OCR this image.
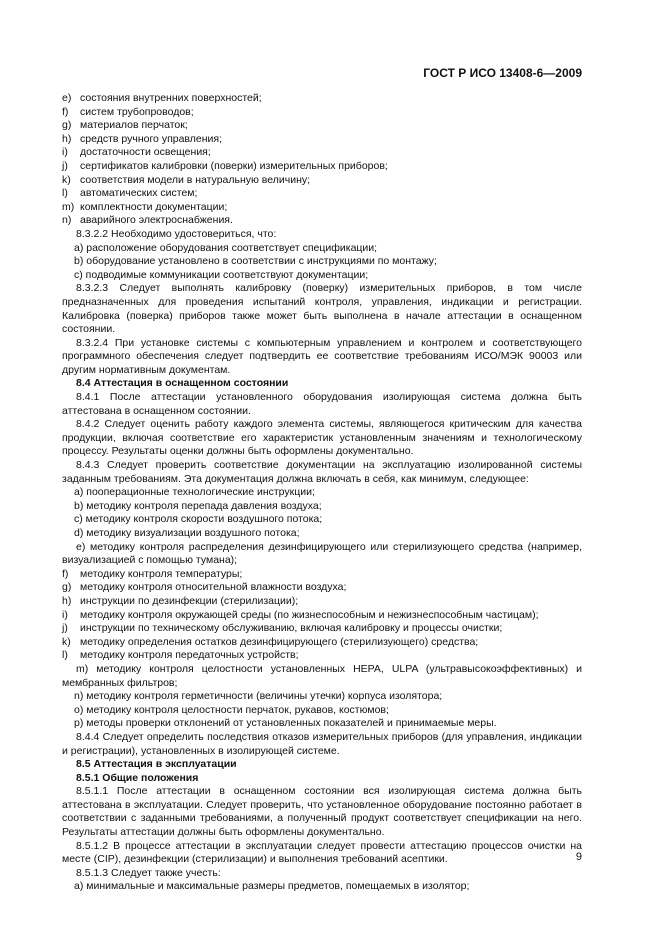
ГОСТ Р ИСО 13408-6—2009
e) состояния внутренних поверхностей;
f) систем трубопроводов;
g) материалов перчаток;
h) средств ручного управления;
i) достаточности освещения;
j) сертификатов калибровки (поверки) измерительных приборов;
k) соответствия модели в натуральную величину;
l) автоматических систем;
m) комплектности документации;
n) аварийного электроснабжения.
8.3.2.2 Необходимо удостовериться, что:
a) расположение оборудования соответствует спецификации;
b) оборудование установлено в соответствии с инструкциями по монтажу;
c) подводимые коммуникации соответствуют документации;
8.3.2.3 Следует выполнять калибровку (поверку) измерительных приборов, в том числе предназначенных для проведения испытаний контроля, управления, индикации и регистрации. Калибровка (поверка) приборов также может быть выполнена в начале аттестации в оснащенном состоянии.
8.3.2.4 При установке системы с компьютерным управлением и контролем и соответствующего программного обеспечения следует подтвердить ее соответствие требованиям ИСО/МЭК 90003 или другим нормативным документам.
8.4 Аттестация в оснащенном состоянии
8.4.1 После аттестации установленного оборудования изолирующая система должна быть аттестована в оснащенном состоянии.
8.4.2 Следует оценить работу каждого элемента системы, являющегося критическим для качества продукции, включая соответствие его характеристик установленным значениям и технологическому процессу. Результаты оценки должны быть оформлены документально.
8.4.3 Следует проверить соответствие документации на эксплуатацию изолированной системы заданным требованиям. Эта документация должна включать в себя, как минимум, следующее:
a) пооперационные технологические инструкции;
b) методику контроля перепада давления воздуха;
c) методику контроля скорости воздушного потока;
d) методику визуализации воздушного потока;
e) методику контроля распределения дезинфицирующего или стерилизующего средства (например, визуализацией с помощью тумана);
f) методику контроля температуры;
g) методику контроля относительной влажности воздуха;
h) инструкции по дезинфекции (стерилизации);
i) методику контроля окружающей среды (по жизнеспособным и нежизнеспособным частицам);
j) инструкции по техническому обслуживанию, включая калибровку и процессы очистки;
k) методику определения остатков дезинфицирующего (стерилизующего) средства;
l) методику контроля передаточных устройств;
m) методику контроля целостности установленных HEPA, ULPA (ультравысокоэффективных) и мембранных фильтров;
n) методику контроля герметичности (величины утечки) корпуса изолятора;
o) методику контроля целостности перчаток, рукавов, костюмов;
p) методы проверки отклонений от установленных показателей и принимаемые меры.
8.4.4 Следует определить последствия отказов измерительных приборов (для управления, индикации и регистрации), установленных в изолирующей системе.
8.5 Аттестация в эксплуатации
8.5.1 Общие положения
8.5.1.1 После аттестации в оснащенном состоянии вся изолирующая система должна быть аттестована в эксплуатации. Следует проверить, что установленное оборудование постоянно работает в соответствии с заданными требованиями, а полученный продукт соответствует спецификации на него. Результаты аттестации должны быть оформлены документально.
8.5.1.2 В процессе аттестации в эксплуатации следует провести аттестацию процессов очистки на месте (CIP), дезинфекции (стерилизации) и выполнения требований асептики.
8.5.1.3 Следует также учесть:
a) минимальные и максимальные размеры предметов, помещаемых в изолятор;
9
